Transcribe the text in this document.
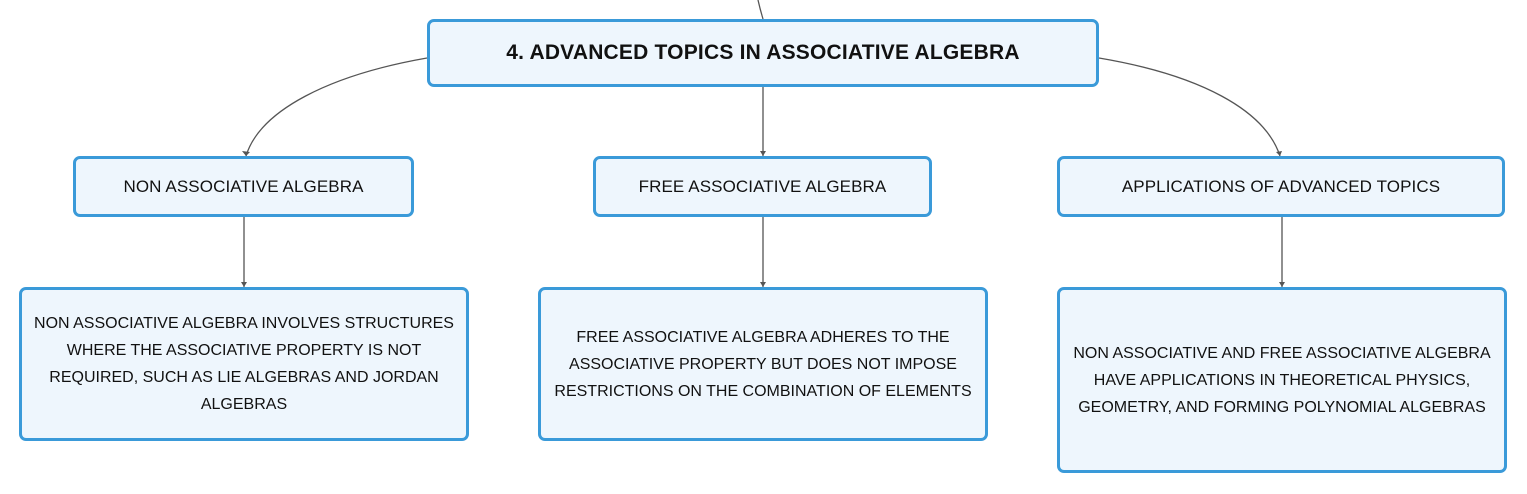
4. ADVANCED TOPICS IN ASSOCIATIVE ALGEBRA
NON ASSOCIATIVE ALGEBRA	FREE ASSOCIATIVE ALGEBRA	APPLICATIONS OF ADVANCED TOPICS
NON ASSOCIATIVE ALGEBRA INVOLVES STRUCTURES WHERE THE ASSOCIATIVE PROPERTY IS NOT REQUIRED, SUCH AS LIE ALGEBRAS AND JORDAN ALGEBRAS
FREE ASSOCIATIVE ALGEBRA ADHERES TO THE ASSOCIATIVE PROPERTY BUT DOES NOT IMPOSE RESTRICTIONS ON THE COMBINATION OF ELEMENTS
NON ASSOCIATIVE AND FREE ASSOCIATIVE ALGEBRA HAVE APPLICATIONS IN THEORETICAL PHYSICS, GEOMETRY, AND FORMING POLYNOMIAL ALGEBRAS
